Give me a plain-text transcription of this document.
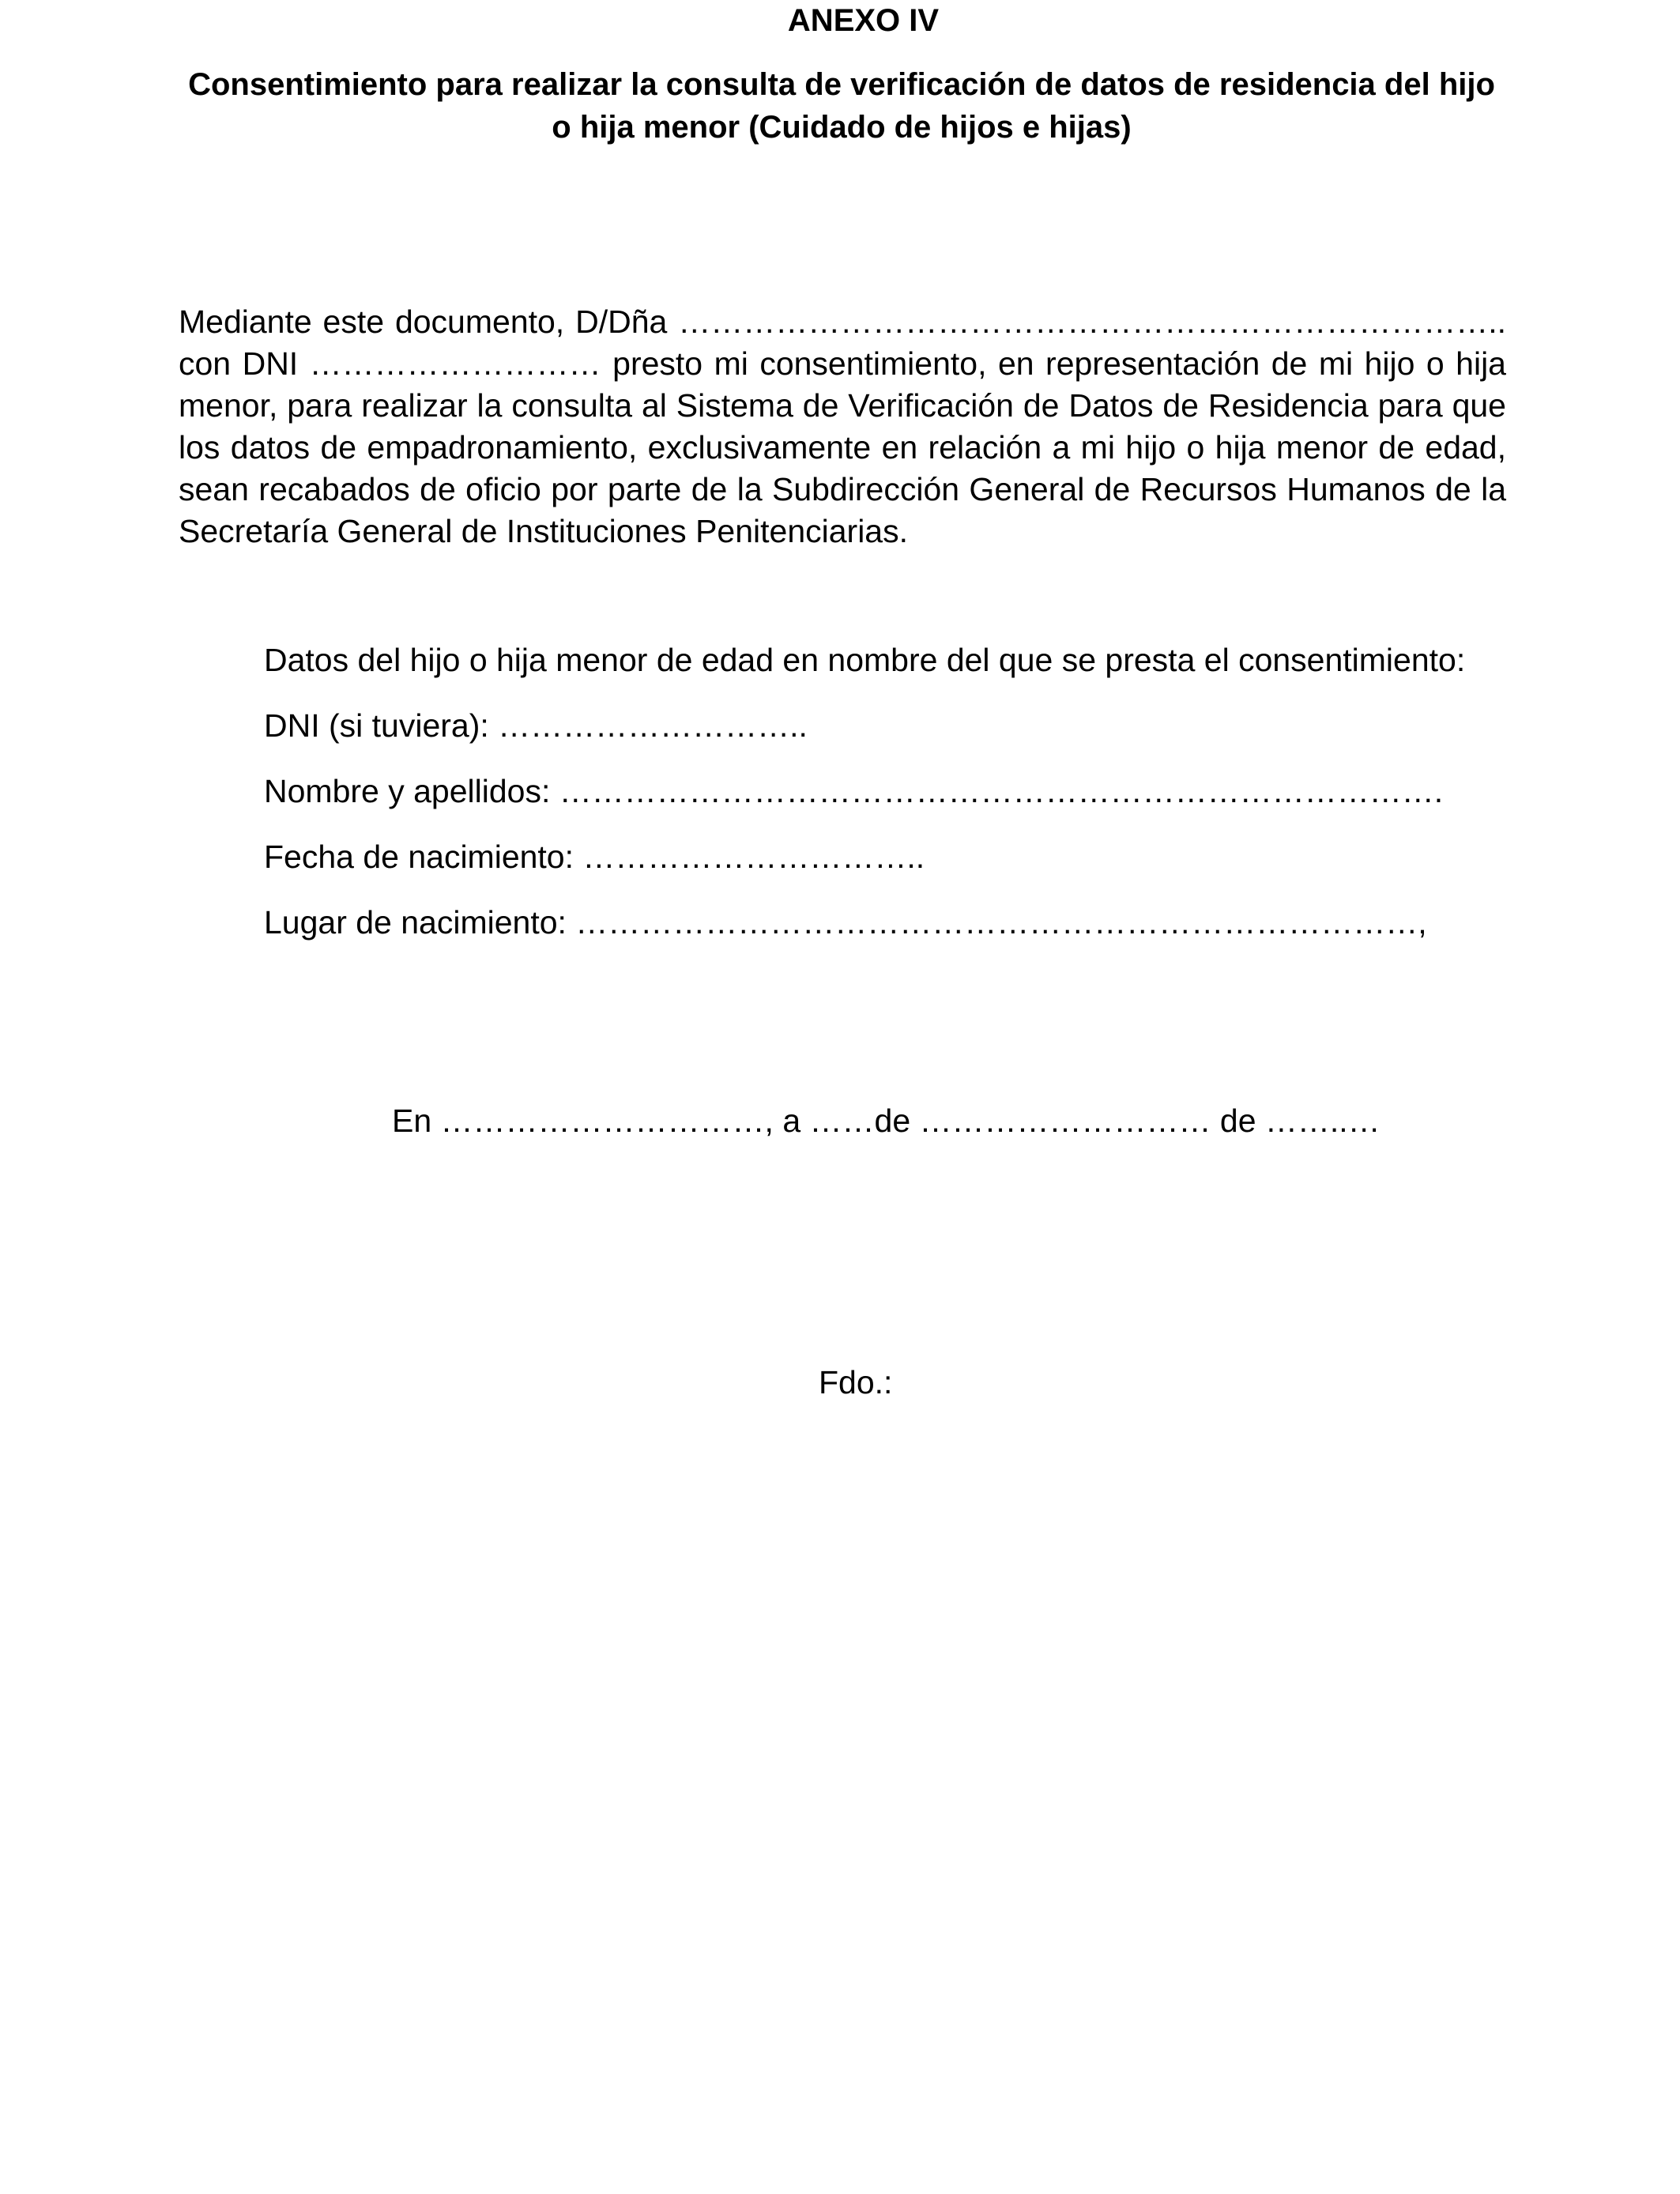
ANEXO IV
Consentimiento para realizar la consulta de verificación de datos de residencia del hijo o hija menor (Cuidado de hijos e hijas)

Mediante este documento, D/Dña ………………………………………………………………….. con DNI ……………………… presto mi consentimiento, en representación de mi hijo o hija menor, para realizar la consulta al Sistema de Verificación de Datos de Residencia para que los datos de empadronamiento, exclusivamente en relación a mi hijo o hija menor de edad, sean recabados de oficio por parte de la Subdirección General de Recursos Humanos de la Secretaría General de Instituciones Penitenciarias.

Datos del hijo o hija menor de edad en nombre del que se presta el consentimiento:

DNI (si tuviera): ………………………..

Nombre y apellidos: ……………………………………………………………………….

Fecha de nacimiento: …………………………..

Lugar de nacimiento: ……………………………………………………………………,

En …………………………, a ……de ……………………… de ……..…

Fdo.:
